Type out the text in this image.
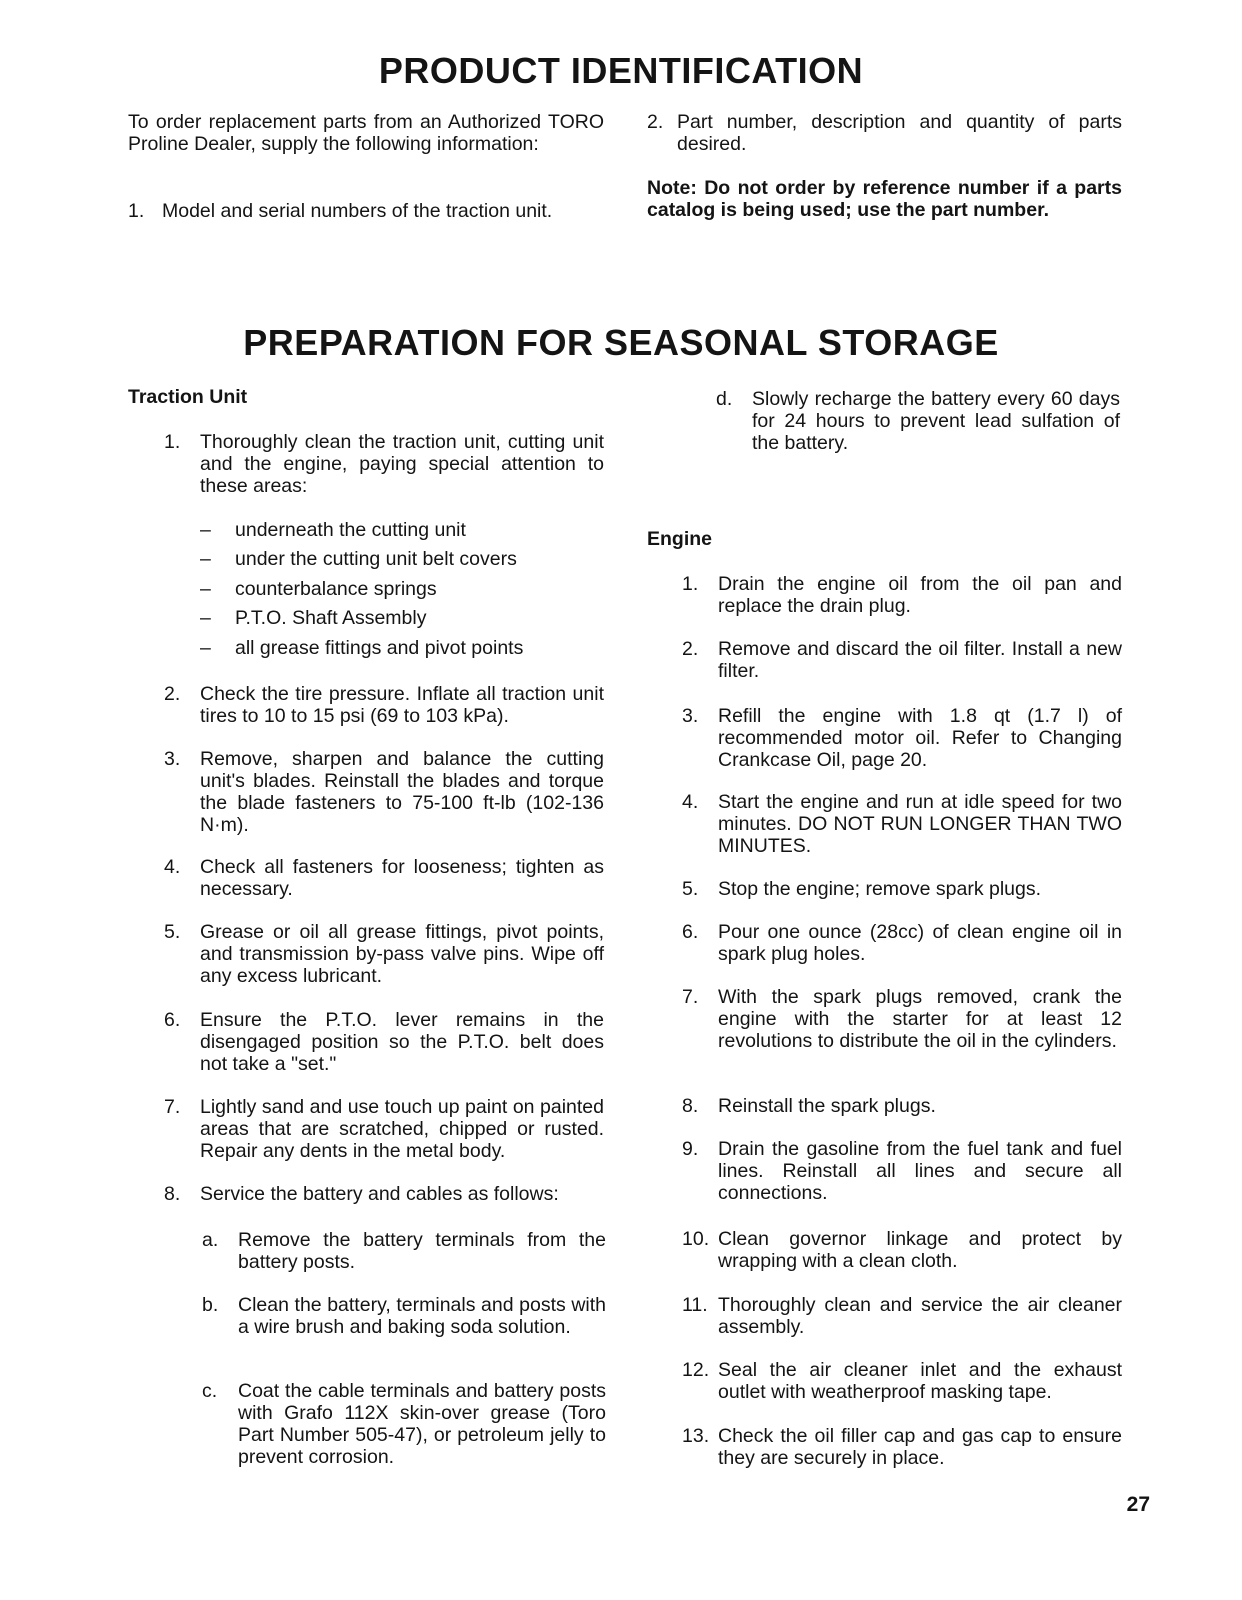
PRODUCT IDENTIFICATION

To order replacement parts from an Authorized TORO Proline Dealer, supply the following information:

1. Model and serial numbers of the traction unit.
2. Part number, description and quantity of parts desired.

Note: Do not order by reference number if a parts catalog is being used; use the part number.

PREPARATION FOR SEASONAL STORAGE

Traction Unit

1. Thoroughly clean the traction unit, cutting unit and the engine, paying special attention to these areas:
– underneath the cutting unit
– under the cutting unit belt covers
– counterbalance springs
– P.T.O. Shaft Assembly
– all grease fittings and pivot points
2. Check the tire pressure. Inflate all traction unit tires to 10 to 15 psi (69 to 103 kPa).
3. Remove, sharpen and balance the cutting unit's blades. Reinstall the blades and torque the blade fasteners to 75-100 ft-lb (102-136 N·m).
4. Check all fasteners for looseness; tighten as necessary.
5. Grease or oil all grease fittings, pivot points, and transmission by-pass valve pins. Wipe off any excess lubricant.
6. Ensure the P.T.O. lever remains in the disengaged position so the P.T.O. belt does not take a "set."
7. Lightly sand and use touch up paint on painted areas that are scratched, chipped or rusted. Repair any dents in the metal body.
8. Service the battery and cables as follows:
a. Remove the battery terminals from the battery posts.
b. Clean the battery, terminals and posts with a wire brush and baking soda solution.
c. Coat the cable terminals and battery posts with Grafo 112X skin-over grease (Toro Part Number 505-47), or petroleum jelly to prevent corrosion.
d. Slowly recharge the battery every 60 days for 24 hours to prevent lead sulfation of the battery.

Engine

1. Drain the engine oil from the oil pan and replace the drain plug.
2. Remove and discard the oil filter. Install a new filter.
3. Refill the engine with 1.8 qt (1.7 l) of recommended motor oil. Refer to Changing Crankcase Oil, page 20.
4. Start the engine and run at idle speed for two minutes. DO NOT RUN LONGER THAN TWO MINUTES.
5. Stop the engine; remove spark plugs.
6. Pour one ounce (28cc) of clean engine oil in spark plug holes.
7. With the spark plugs removed, crank the engine with the starter for at least 12 revolutions to distribute the oil in the cylinders.
8. Reinstall the spark plugs.
9. Drain the gasoline from the fuel tank and fuel lines. Reinstall all lines and secure all connections.
10. Clean governor linkage and protect by wrapping with a clean cloth.
11. Thoroughly clean and service the air cleaner assembly.
12. Seal the air cleaner inlet and the exhaust outlet with weatherproof masking tape.
13. Check the oil filler cap and gas cap to ensure they are securely in place.
27
